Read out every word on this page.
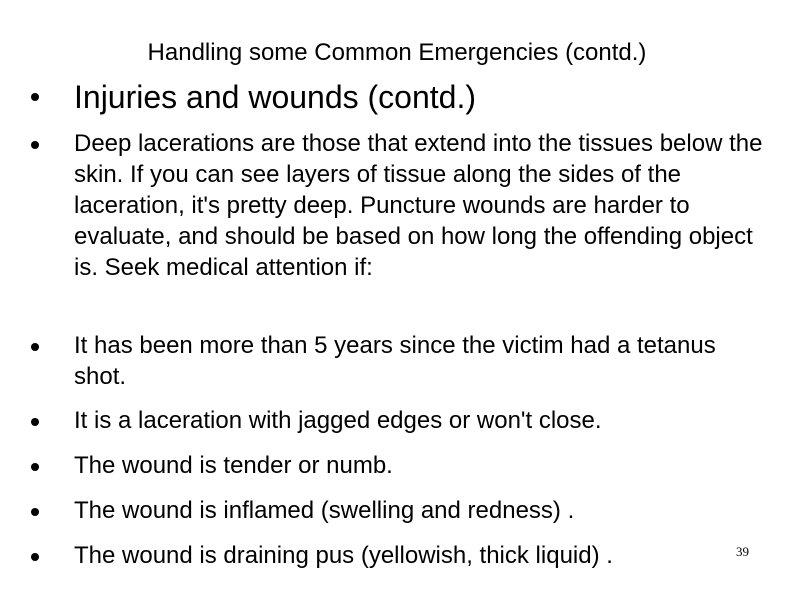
Handling some Common Emergencies (contd.)
Injuries and wounds (contd.)
Deep lacerations are those that extend into the tissues below the skin. If you can see layers of tissue along the sides of the laceration, it's pretty deep. Puncture wounds are harder to evaluate, and should be based on how long the offending object is. Seek medical attention if:
It has been more than 5 years since the victim had a tetanus shot.
It is a laceration with jagged edges or won't close.
The wound is tender or numb.
The wound is inflamed (swelling and redness) .
The wound is draining pus (yellowish, thick liquid) .	39
